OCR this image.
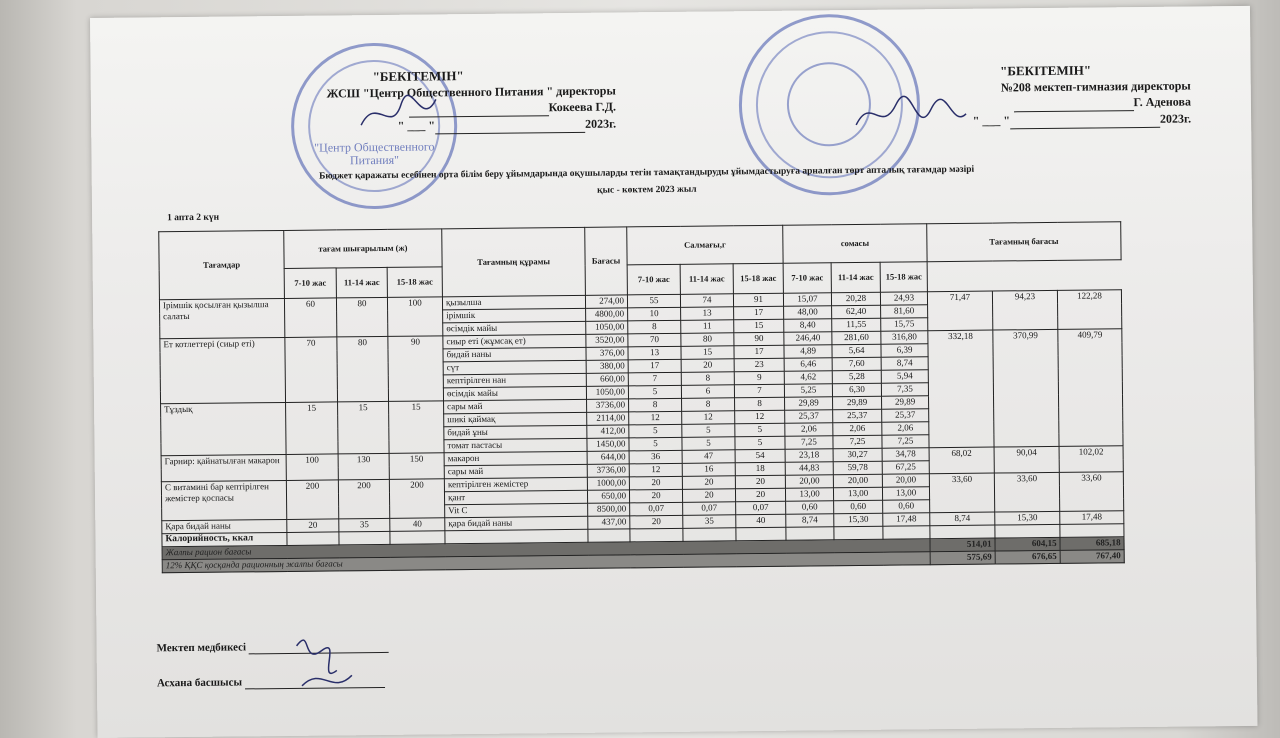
"Центр Общественного Питания"
"БЕКІТЕМІН"
ЖСШ "Центр Общественного Питания " директоры
Кокеева Г.Д.
" ___ "	2023г.
"БЕКІТЕМІН"
№208 мектеп-гимназия директоры
Г. Аденова
" ___ "	2023г.
Бюджет қаражаты есебінен орта білім беру ұйымдарында оқушыларды тегін тамақтандыруды ұйымдастыруға арналған төрт апталық тағамдар мәзірі
қыс - көктем 2023 жыл
1 апта 2 күн
Тағамдар	тағам шығарылым (ж)			Тағамның құрамы	Бағасы	Салмағы,г			сомасы			Тағамның бағасы		
	7-10 жас	11-14 жас	15-18 жас			7-10 жас	11-14 жас	15-18 жас	7-10 жас	11-14 жас	15-18 жас			
Ірімшік қосылған қызылша салаты	60	80	100	қызылша	274,00	55	74	91	15,07	20,28	24,93	71,47	94,23	122,28
				ірімшік	4800,00	10	13	17	48,00	62,40	81,60			
				өсімдік майы	1050,00	8	11	15	8,40	11,55	15,75			
Ет котлеттері (сиыр еті)	70	80	90	сиыр еті (жұмсақ ет)	3520,00	70	80	90	246,40	281,60	316,80	332,18	370,99	409,79
				бидай наны	376,00	13	15	17	4,89	5,64	6,39			
				сүт	380,00	17	20	23	6,46	7,60	8,74			
				кептірілген нан	660,00	7	8	9	4,62	5,28	5,94			
				өсімдік майы	1050,00	5	6	7	5,25	6,30	7,35			
Тұздық	15	15	15	сары май	3736,00	8	8	8	29,89	29,89	29,89			
				шикі қаймақ	2114,00	12	12	12	25,37	25,37	25,37			
				бидай ұны	412,00	5	5	5	2,06	2,06	2,06			
				томат пастасы	1450,00	5	5	5	7,25	7,25	7,25			
Гарнир: қайнатылған макарон	100	130	150	макарон	644,00	36	47	54	23,18	30,27	34,78	68,02	90,04	102,02
				сары май	3736,00	12	16	18	44,83	59,78	67,25			
С витамині бар кептірілген жемістер қоспасы	200	200	200	кептірілген жемістер	1000,00	20	20	20	20,00	20,00	20,00	33,60	33,60	33,60
				қант	650,00	20	20	20	13,00	13,00	13,00			
				Vit C	8500,00	0,07	0,07	0,07	0,60	0,60	0,60			
Қара бидай наны	20	35	40	қара бидай наны	437,00	20	35	40	8,74	15,30	17,48	8,74	15,30	17,48
Калорийность, ккал														
Жалпы рацион бағасы												514,01	604,15	685,18
12% ҚҚС қосқанда рационның жалпы бағасы												575,69	676,65	767,40
Мектеп медбикесі
Асхана басшысы
